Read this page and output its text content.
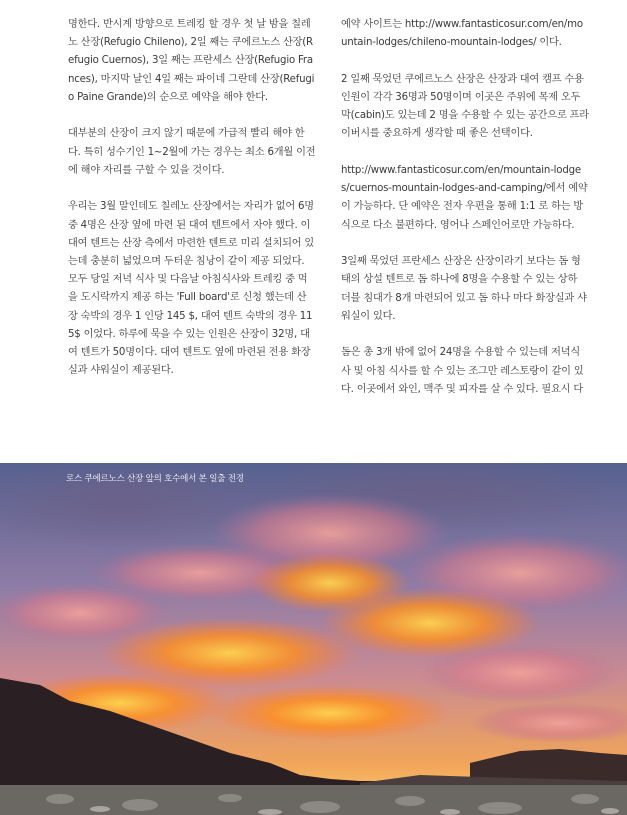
명한다. 반시계 방향으로 트레킹 할 경우 첫 날 밤을 칠레노 산장(Refugio Chileno), 2일 째는 쿠에르노스 산장(Refugio Cuernos), 3일 째는 프란세스 산장(Refugio Frances), 마지막 날인 4일 째는 파이네 그란데 산장(Refugio Paine Grande)의 순으로 예약을 해야 한다.

대부분의 산장이 크지 않기 때문에 가급적 빨리 해야 한다. 특히 성수기인 1~2월에 가는 경우는 최소 6개월 이전에 해야 자리를 구할 수 있을 것이다.

우리는 3월 말인데도 칠레노 산장에서는 자리가 없어 6명 중 4명은 산장 옆에 마련 된 대여 텐트에서 자야 했다. 이 대여 텐트는 산장 측에서 마련한 텐트로 미리 설치되어 있는데 충분히 넓었으며 두터운 침낭이 같이 제공 되었다. 모두 당일 저녁 식사 및 다음날 아침식사와 트레킹 중 먹을 도시락까지 제공 하는 'Full board'로 신청 했는데 산장 숙박의 경우 1 인당 145 $, 대여 텐트 숙박의 경우 115$ 이었다. 하루에 묵을 수 있는 인원은 산장이 32명, 대여 텐트가 50명이다. 대여 텐트도 옆에 마련된 전용 화장실과 샤워실이 제공된다.

예약 사이트는 http://www.fantasticosur.com/en/mountain-lodges/chileno-mountain-lodges/ 이다.

2 일째 묵었던 쿠에르노스 산장은 산장과 대여 캠프 수용인원이 각각 36명과 50명이며 이곳은 주위에 목제 오두막(cabin)도 있는데 2 명을 수용할 수 있는 공간으로 프라이버시를 중요하게 생각할 때 좋은 선택이다.

http://www.fantasticosur.com/en/mountain-lodges/cuernos-mountain-lodges-and-camping/에서 예약이 가능하다. 단 예약은 전자 우편을 통해 1:1 로 하는 방식으로 다소 불편하다. 영어나 스페인어로만 가능하다.

3일째 묵었던 프란세스 산장은 산장이라기 보다는 돔 형태의 상설 텐트로 돔 하나에 8명을 수용할 수 있는 상하 더블 침대가 8개 마련되어 있고 돔 하나 마다 화장실과 샤워실이 있다.

돔은 총 3개 밖에 없어 24명을 수용할 수 있는데 저녁식사 및 아침 식사를 할 수 있는 조그만 레스토랑이 같이 있다. 이곳에서 와인, 맥주 및 피자를 살 수 있다. 필요시 다

로스 쿠에르노스 산장 앞의 호수에서 본 일출 전경
